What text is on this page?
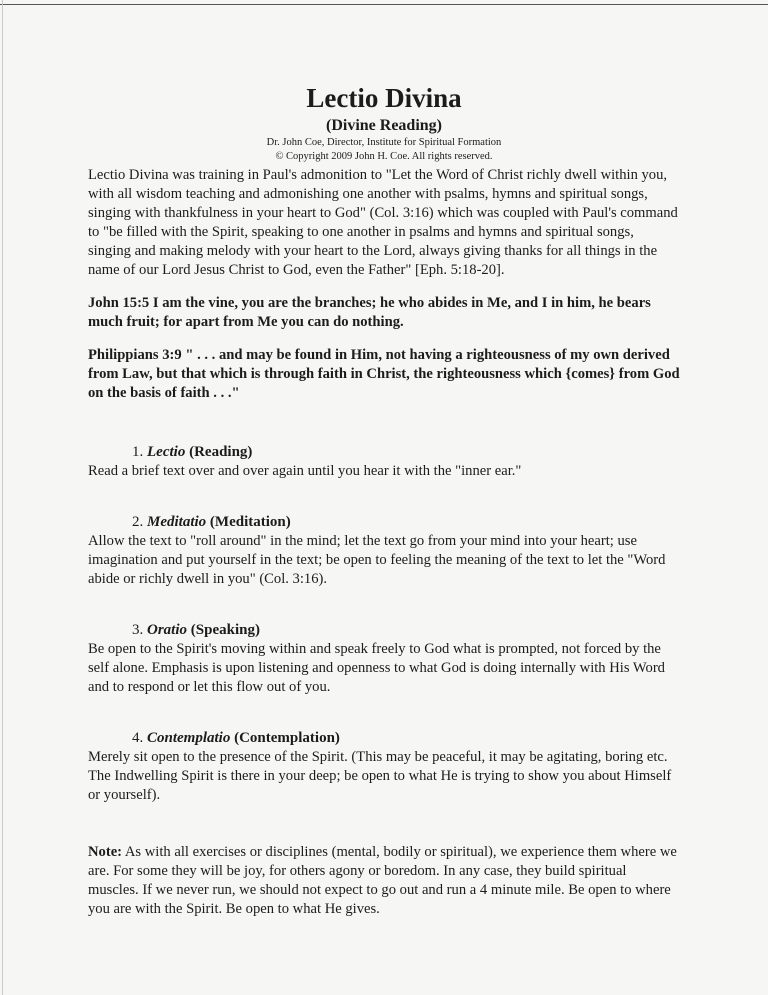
Lectio Divina

(Divine Reading)

Dr. John Coe, Director, Institute for Spiritual Formation

© Copyright 2009 John H. Coe. All rights reserved.

Lectio Divina was training in Paul's admonition to "Let the Word of Christ richly dwell within you, with all wisdom teaching and admonishing one another with psalms, hymns and spiritual songs, singing with thankfulness in your heart to God" (Col. 3:16) which was coupled with Paul's command to "be filled with the Spirit, speaking to one another in psalms and hymns and spiritual songs, singing and making melody with your heart to the Lord, always giving thanks for all things in the name of our Lord Jesus Christ to God, even the Father" [Eph. 5:18-20].

John 15:5 I am the vine, you are the branches; he who abides in Me, and I in him, he bears much fruit; for apart from Me you can do nothing.

Philippians 3:9 " . . . and may be found in Him, not having a righteousness of my own derived from Law, but that which is through faith in Christ, the righteousness which {comes} from God on the basis of faith . . ."

1. Lectio (Reading)

Read a brief text over and over again until you hear it with the "inner ear."

2. Meditatio (Meditation)

Allow the text to "roll around" in the mind; let the text go from your mind into your heart; use imagination and put yourself in the text; be open to feeling the meaning of the text to let the "Word abide or richly dwell in you" (Col. 3:16).

3. Oratio (Speaking)

Be open to the Spirit's moving within and speak freely to God what is prompted, not forced by the self alone. Emphasis is upon listening and openness to what God is doing internally with His Word and to respond or let this flow out of you.

4. Contemplatio (Contemplation)

Merely sit open to the presence of the Spirit. (This may be peaceful, it may be agitating, boring etc. The Indwelling Spirit is there in your deep; be open to what He is trying to show you about Himself or yourself).

Note: As with all exercises or disciplines (mental, bodily or spiritual), we experience them where we are. For some they will be joy, for others agony or boredom. In any case, they build spiritual muscles. If we never run, we should not expect to go out and run a 4 minute mile. Be open to where you are with the Spirit. Be open to what He gives.
